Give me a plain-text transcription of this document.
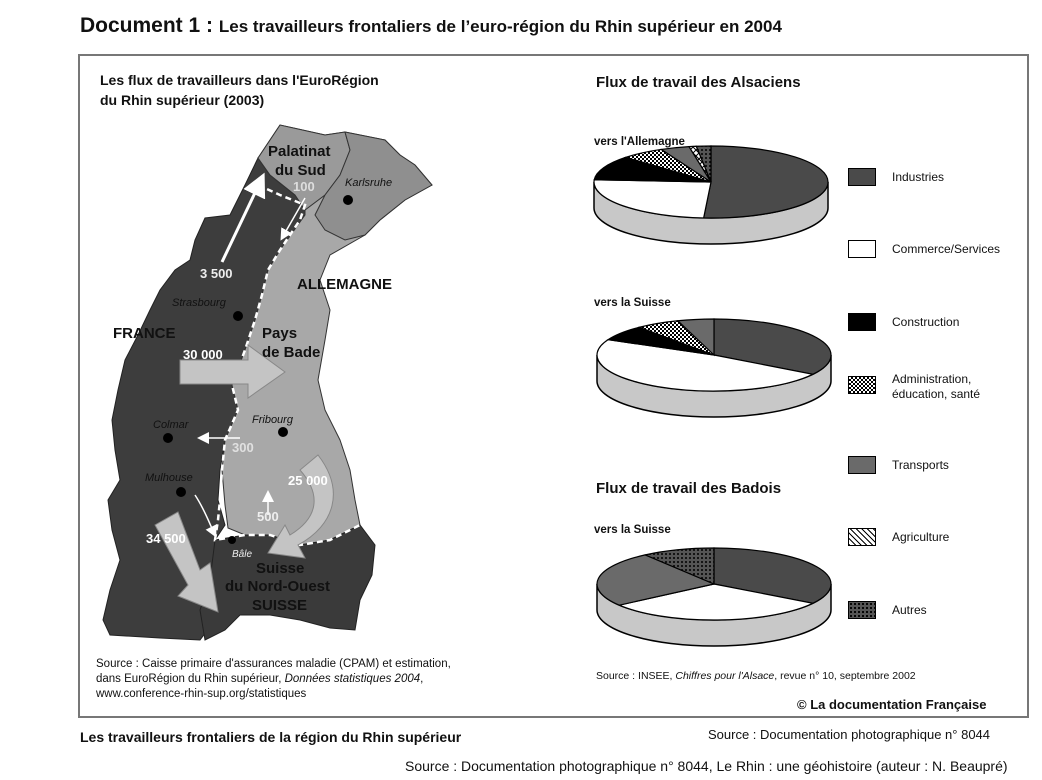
Document 1 : Les travailleurs frontaliers de l’euro-région du Rhin supérieur en 2004
Les flux de travailleurs dans l'EuroRégion
du Rhin supérieur (2003)
Palatinat
du Sud
ALLEMAGNE
FRANCE	Pays
de Bade
Suisse
du Nord-Ouest
SUISSE
Karlsruhe
Strasbourg
Colmar	Fribourg
Mulhouse
Bâle
100
3 500
30 000
300
25 000
500
34 500
Source : Caisse primaire d'assurances maladie (CPAM) et estimation,
dans EuroRégion du Rhin supérieur, Données statistiques 2004,
www.conference-rhin-sup.org/statistiques
Flux de travail des Alsaciens
Flux de travail des Badois
vers l'Allemagne
vers la Suisse
vers la Suisse
Industries
Commerce/Services
Construction
Administration,
éducation, santé
Transports
Agriculture
Autres
Source : INSEE, Chiffres pour l'Alsace, revue n° 10, septembre 2002
© La documentation Française
Les travailleurs frontaliers de la région du Rhin supérieur	Source : Documentation photographique n° 8044
Source : Documentation photographique n° 8044, Le Rhin : une géohistoire (auteur : N. Beaupré)
